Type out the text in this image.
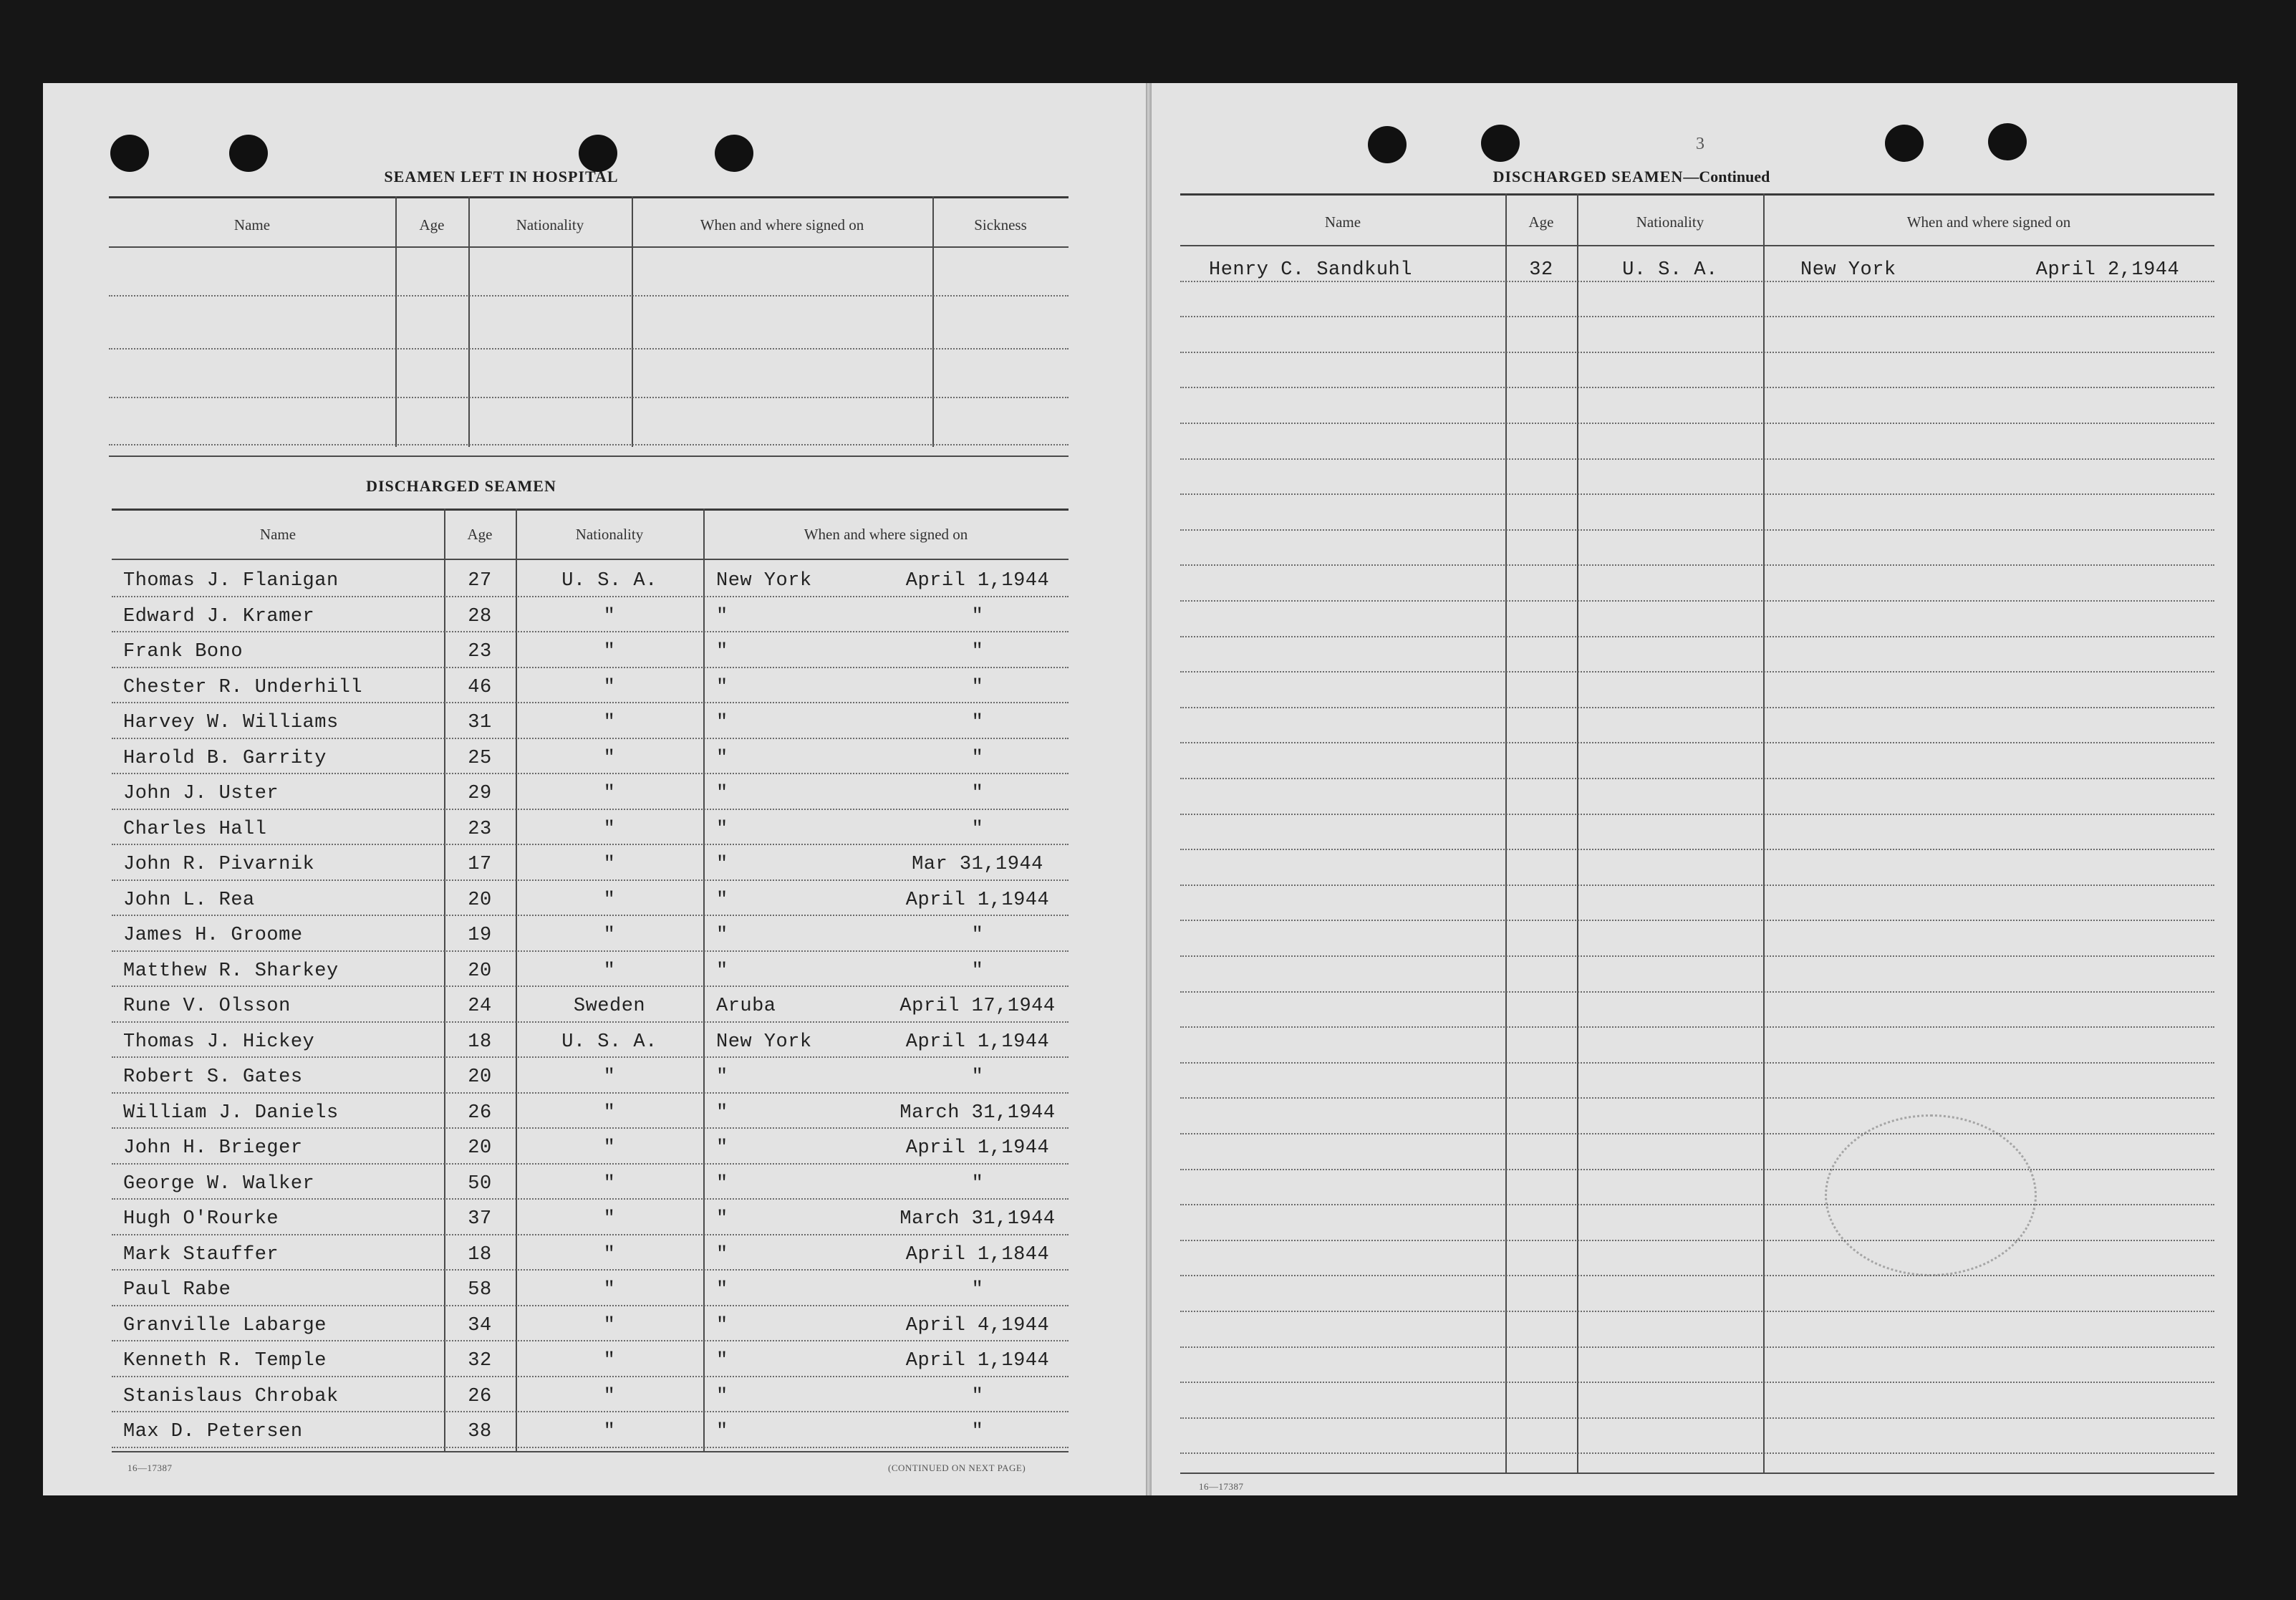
SEAMEN LEFT IN HOSPITAL
Name	Age	Nationality	When and where signed on	Sickness
DISCHARGED SEAMEN
Name	Age	Nationality	When and where signed on
Thomas J. Flanigan	27	U. S. A.	New York	April 1,1944
Edward J. Kramer	28	"	"	"
Frank Bono	23	"	"	"
Chester R. Underhill	46	"	"	"
Harvey W. Williams	31	"	"	"
Harold B. Garrity	25	"	"	"
John J. Uster	29	"	"	"
Charles Hall	23	"	"	"
John R. Pivarnik	17	"	"	Mar 31,1944
John L. Rea	20	"	"	April 1,1944
James H. Groome	19	"	"	"
Matthew R. Sharkey	20	"	"	"
Rune V. Olsson	24	Sweden	Aruba	April 17,1944
Thomas J. Hickey	18	U. S. A.	New York	April 1,1944
Robert S. Gates	20	"	"	"
William J. Daniels	26	"	"	March 31,1944
John H. Brieger	20	"	"	April 1,1944
George W. Walker	50	"	"	"
Hugh O'Rourke	37	"	"	March 31,1944
Mark Stauffer	18	"	"	April 1,1844
Paul Rabe	58	"	"	"
Granville Labarge	34	"	"	April 4,1944
Kenneth R. Temple	32	"	"	April 1,1944
Stanislaus Chrobak	26	"	"	"
Max D. Petersen	38	"	"	"
16—17387	(CONTINUED ON NEXT PAGE)
3
DISCHARGED SEAMEN—Continued
Name	Age	Nationality	When and where signed on
Henry C. Sandkuhl	32	U. S. A.	New York	April 2,1944
16—17387
